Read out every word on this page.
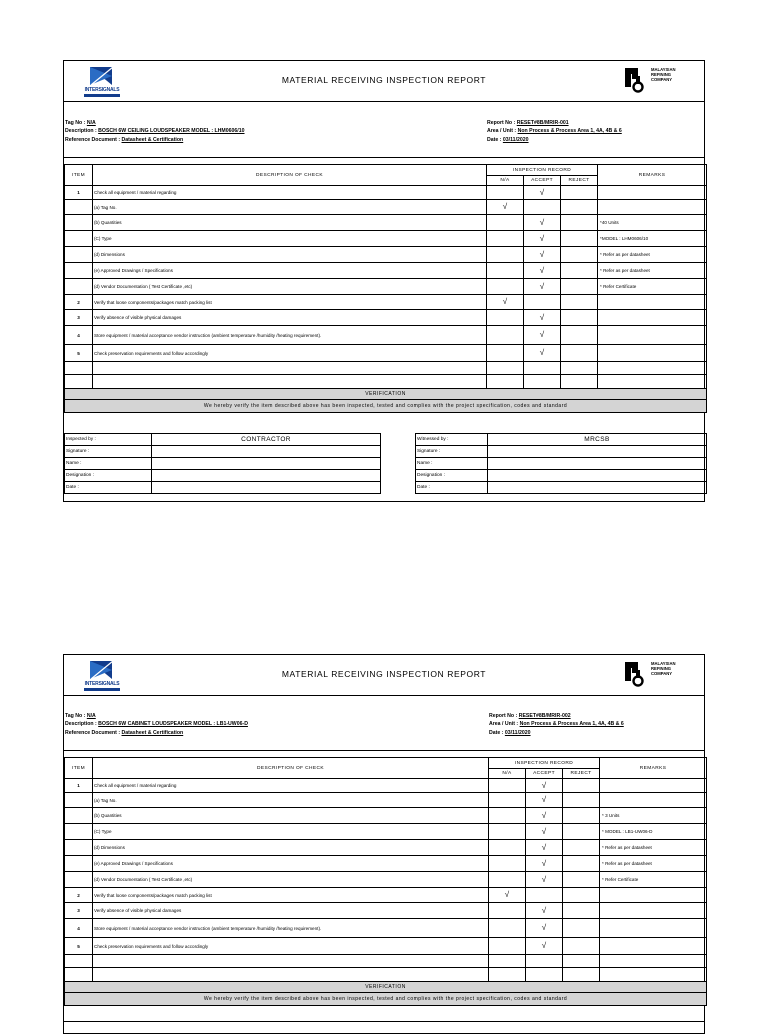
INTERSIGNALS
MATERIAL RECEIVING INSPECTION REPORT
MALAYSIAN
REFINING
COMPANY
Tag No : N/A
Description : BOSCH 6W CEILING LOUDSPEAKER MODEL : LHM0606/10
Reference Document : Datasheet & Certification
Report No : RESET#8B/MRIR-001
Area / Unit : Non Process & Process Area 1, 4A, 4B & 6
Date : 03/11/2020
ITEM	DESCRIPTION OF CHECK	INSPECTION RECORD			REMARKS
		N/A	ACCEPT	REJECT	
1	Check all equipment / material regarding		√		
	(a) Tag No.	√			
	(b) Quantities		√		*40 Units
	(C) Type		√		*MODEL : LHM0606/10
	(d) Dimensions		√		* Refer as per datasheet
	(e) Approved Drawings / Specifications		√		* Refer as per datasheet
	(d) Vendor Documentation ( Test Certificate ,etc)		√		* Refer Certificate
2	Verify that loose components/packages match packing list	√			
3	Verify absence of visible physical damages		√		
4	Store equipment / material acceptance vendor instruction (ambient temperature /humidity /heating requirement).		√		
5	Check preservation requirements and follow accordingly		√		

VERIFICATION					
We hereby verify the item described above has been inspected, tested and complies with the project specification, codes and standard					
Inspected by :	CONTRACTOR		Witnessed by :	MRCSB
Signature :			Signature :	
Name :			Name :	
Designation :			Designation :	
Date :			Date :	
INTERSIGNALS
MATERIAL RECEIVING INSPECTION REPORT
MALAYSIAN
REFINING
COMPANY
Tag No : N/A
Description : BOSCH 6W CABINET LOUDSPEAKER MODEL : LB1-UW06-D
Reference Document : Datasheet & Certification
Report No : RESET#8B/MRIR-002
Area / Unit : Non Process & Process Area 1, 4A, 4B & 6
Date : 03/11/2020
ITEM	DESCRIPTION OF CHECK	INSPECTION RECORD			REMARKS
		N/A	ACCEPT	REJECT	
1	Check all equipment / material regarding		√		
	(a) Tag No.		√		
	(b) Quantities		√		* 3 Units
	(C) Type		√		* MODEL : LB1-UW06-D
	(d) Dimensions		√		* Refer as per datasheet
	(e) Approved Drawings / Specifications		√		* Refer as per datasheet
	(d) Vendor Documentation ( Test Certificate ,etc)		√		* Refer Certificate
2	Verify that loose components/packages match packing list	√			
3	Verify absence of visible physical damages		√		
4	Store equipment / material acceptance vendor instruction (ambient temperature /humidity /heating requirement).		√		
5	Check preservation requirements and follow accordingly		√		

VERIFICATION					
We hereby verify the item described above has been inspected, tested and complies with the project specification, codes and standard					
